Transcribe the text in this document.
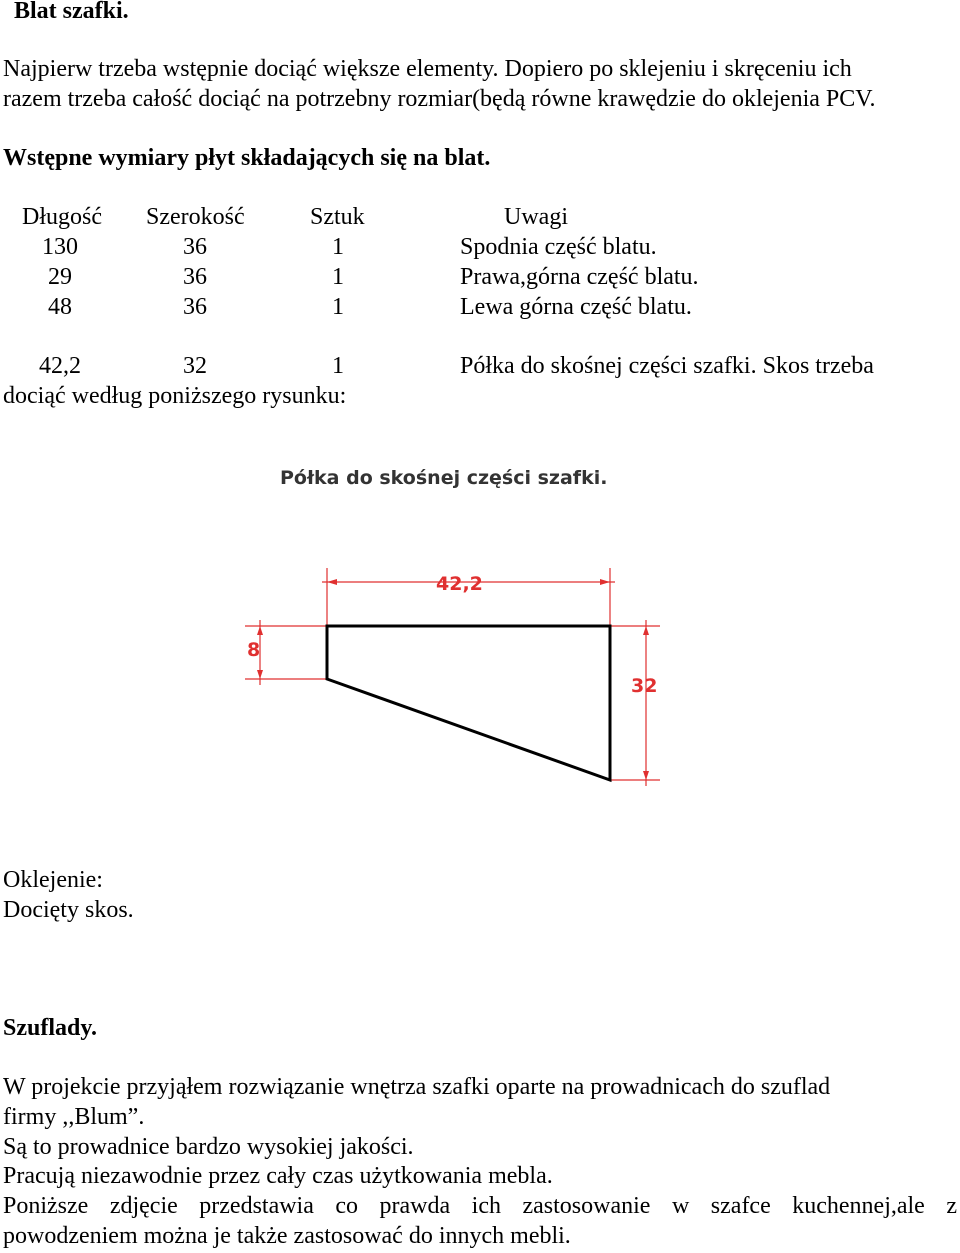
Blat szafki.
Najpierw trzeba wstępnie dociąć większe elementy. Dopiero po sklejeniu i skręceniu ich
razem trzeba całość dociąć na potrzebny rozmiar(będą równe krawędzie do oklejenia PCV.
Wstępne wymiary płyt składających się na blat.
Długość Szerokość	Sztuk	Uwagi
130	36	1	Spodnia część blatu.
29	36	1	Prawa,górna część blatu.
48	36	1	Lewa górna część blatu.
42,2	32	1	Półka do skośnej części szafki. Skos trzeba
dociąć według poniższego rysunku:
Półka do skośnej części szafki.
42,2
8
32
Oklejenie:
Docięty skos.
Szuflady.
W projekcie przyjąłem rozwiązanie wnętrza szafki oparte na prowadnicach do szuflad
firmy ,,Blum”.
Są to prowadnice bardzo wysokiej jakości.
Pracują niezawodnie przez cały czas użytkowania mebla.
Poniższe zdjęcie przedstawia co prawda ich zastosowanie w szafce kuchennej,ale z
powodzeniem można je także zastosować do innych mebli.
